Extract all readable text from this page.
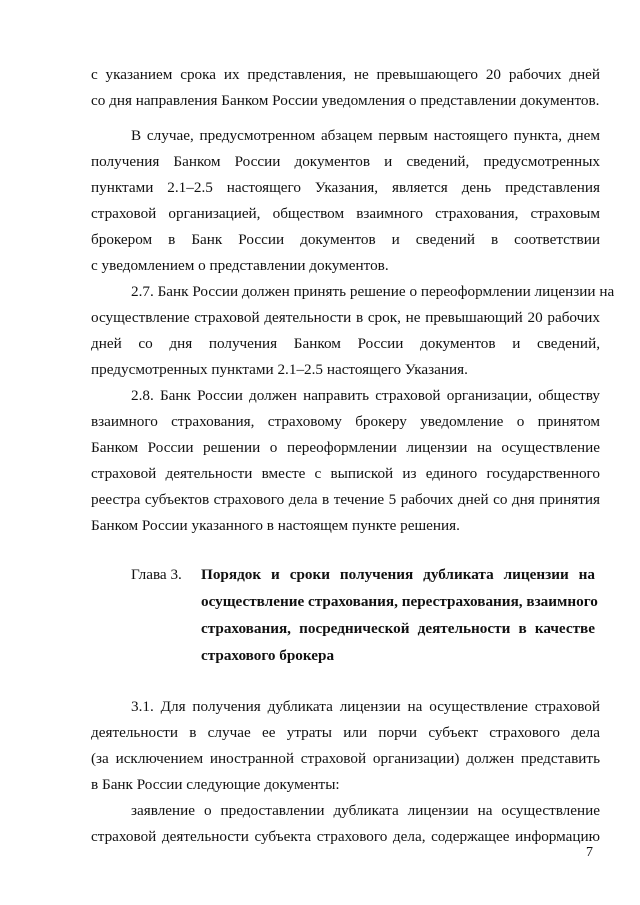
с указанием срока их представления, не превышающего 20 рабочих дней
со дня направления Банком России уведомления о представлении документов.
В случае, предусмотренном абзацем первым настоящего пункта, днем
получения Банком России документов и сведений, предусмотренных
пунктами 2.1–2.5 настоящего Указания, является день представления
страховой организацией, обществом взаимного страхования, страховым
брокером в Банк России документов и сведений в соответствии
с уведомлением о представлении документов.
2.7. Банк России должен принять решение о переоформлении лицензии на
осуществление страховой деятельности в срок, не превышающий 20 рабочих
дней со дня получения Банком России документов и сведений,
предусмотренных пунктами 2.1–2.5 настоящего Указания.
2.8. Банк России должен направить страховой организации, обществу
взаимного страхования, страховому брокеру уведомление о принятом
Банком России решении о переоформлении лицензии на осуществление
страховой деятельности вместе с выпиской из единого государственного
реестра субъектов страхового дела в течение 5 рабочих дней со дня принятия
Банком России указанного в настоящем пункте решения.
Глава 3. Порядок и сроки получения дубликата лицензии на
осуществление страхования, перестрахования, взаимного
страхования, посреднической деятельности в качестве
страхового брокера
3.1. Для получения дубликата лицензии на осуществление страховой
деятельности в случае ее утраты или порчи субъект страхового дела
(за исключением иностранной страховой организации) должен представить
в Банк России следующие документы:
заявление о предоставлении дубликата лицензии на осуществление
страховой деятельности субъекта страхового дела, содержащее информацию
7
